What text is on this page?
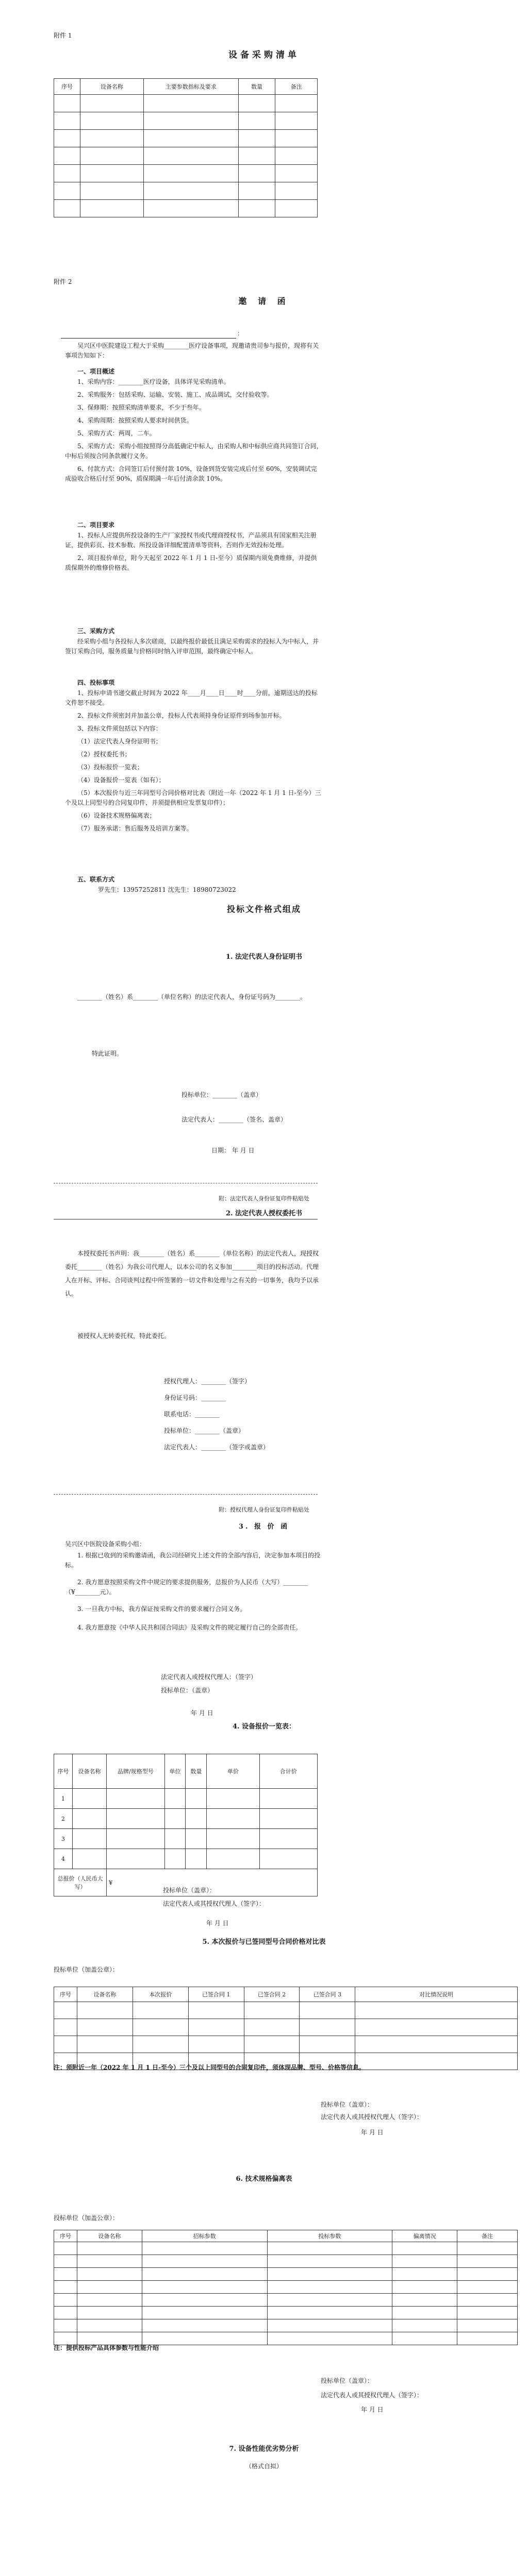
附件 1
设备采购清单
序号	设备名称	主要参数指标及要求	数量	备注

附件 2
邀 请 函
：
吴兴区中医院建设工程大于采购________医疗设备事项，现邀请贵司参与报价，现将有关事项告知如下：
一、项目概述
1、采购内容：________医疗设备，具体详见采购清单。
2、采购服务：包括采购、运输、安装、施工、成品调试，交付验收等。
3、保修期：按照采购清单要求，不少于叁年。
4、采购周期：按照采购人要求时间供货。
5、采购方式：两周，二车。
5、采购方式：采购小组按照得分高低确定中标人，由采购人和中标供应商共同签订合同，中标后须按合同条款履行义务。
6、付款方式：合同签订后付预付款 10%，设备到货安装完成后付至 60%，安装调试完成验收合格后付至 90%，质保期满一年后付清余款 10%。
二、项目要求
1、投标人应提供所投设备的生产厂家授权书或代理商授权书，产品须具有国家相关注册证，提供彩页、技术参数、所投设备详细配置清单等资料，否则作无效投标处理。
2、项目报价单位，附今天起至 2022 年 1 月 1 日-至今）质保期内须免费维修，并提供质保期外的维修价格表。
三、采购方式
经采购小组与各投标人多次磋商，以最终报价最低且满足采购需求的投标人为中标人，并签订采购合同，服务质量与价格同时纳入评审范围，最终确定中标人。
四、投标事项
1、投标申请书递交截止时间为 2022 年____月____日____时____分前，逾期送达的投标文件恕不接受。
2、投标文件须密封并加盖公章，投标人代表须持身份证原件到场参加开标。
3、投标文件须包括以下内容：
（1）法定代表人身份证明书；
（2）授权委托书；
（3）投标报价一览表；
（4）设备报价一览表（如有）；
（5）本次报价与近三年同型号合同价格对比表（附近一年（2022 年 1 月 1 日-至今）三个及以上同型号的合同复印件，并须提供相应发票复印件）；
（6）设备技术规格偏离表；
（7）服务承诺：售后服务及培训方案等。
五、联系方式
罗先生：13957252811 沈先生：18980723022
投标文件格式组成
1. 法定代表人身份证明书
________（姓名）系________（单位名称）的法定代表人，身份证号码为________。
特此证明。
投标单位：________（盖章）
法定代表人：________（签名、盖章）
日期： 年 月 日
附：法定代表人身份证复印件粘贴处
2. 法定代表人授权委托书
本授权委托书声明：我________（姓名）系________（单位名称）的法定代表人，现授权委托________（姓名）为我公司代理人，以本公司的名义参加________项目的投标活动。代理人在开标、评标、合同谈判过程中所签署的一切文件和处理与之有关的一切事务，我均予以承认。
被授权人无转委托权，特此委托。
授权代理人：________（签字）
身份证号码：________
联系电话：________
投标单位：________（盖章）
法定代表人：________（签字或盖章）
附：授权代理人身份证复印件粘贴处
3. 报 价 函
吴兴区中医院设备采购小组：
1. 根据已收到的采购邀请函，我公司经研究上述文件的全部内容后，决定参加本项目的投标。
2. 我方愿意按照采购文件中规定的要求提供服务，总报价为人民币（大写）________（¥________元）。
3. 一旦我方中标，我方保证按采购文件的要求履行合同义务。
4. 我方愿意按《中华人民共和国合同法》及采购文件的规定履行自己的全部责任。
法定代表人或授权代理人：（签字）
投标单位：（盖章）
年 月 日
4. 设备报价一览表：
序号	设备名称	品牌/规格型号	单位	数量	单价	合计价
1						
2						
3						
4						
总报价（人民币大写）		¥				
投标单位（盖章）：
法定代表人或其授权代理人（签字）：
年 月 日
5. 本次报价与已签同型号合同价格对比表
投标单位（加盖公章）：
序号	设备名称	本次报价	已签合同 1	已签合同 2	已签合同 3	对比情况说明

注：须附近一年（2022 年 1 月 1 日-至今）三个及以上同型号的合同复印件，须体现品牌、型号、价格等信息。
投标单位（盖章）：
法定代表人或其授权代理人（签字）：
年 月 日
6. 技术规格偏离表
投标单位（加盖公章）：
序号	设备名称	招标参数	投标参数	偏离情况	备注

注：提供投标产品具体参数与性能介绍
投标单位（盖章）：
法定代表人或其授权代理人（签字）：
年 月 日
7. 设备性能优劣势分析
（格式自拟）
